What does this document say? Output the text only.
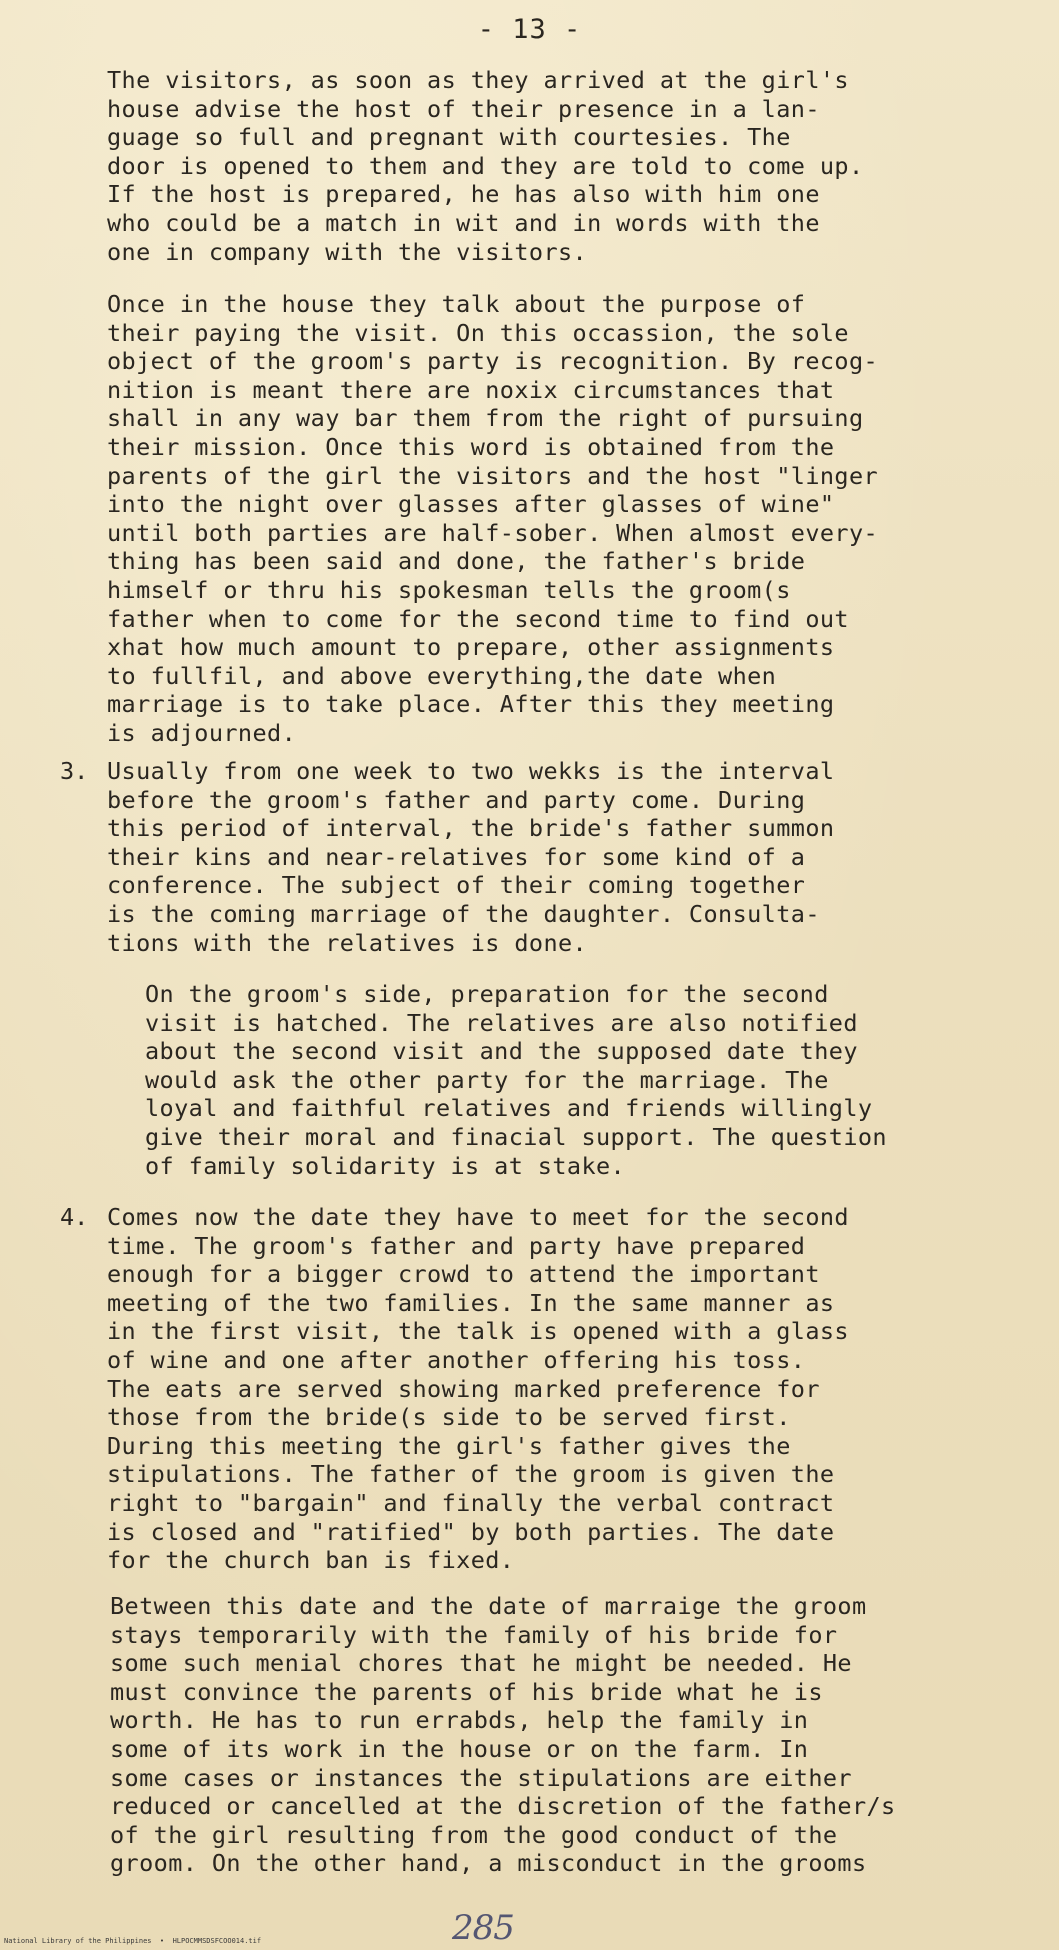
- 13 -
The visitors, as soon as they arrived at the girl's
house advise the host of their presence in a lan-
guage so full and pregnant with courtesies. The
door is opened to them and they are told to come up.
If the host is prepared, he has also with him one
who could be a match in wit and in words with the
one in company with the visitors.
Once in the house they talk about the purpose of
their paying the visit. On this occassion, the sole
object of the groom's party is recognition. By recog-
nition is meant there are noxix circumstances that
shall in any way bar them from the right of pursuing
their mission. Once this word is obtained from the
parents of the girl the visitors and the host "linger
into the night over glasses after glasses of wine"
until both parties are half-sober. When almost every-
thing has been said and done, the father's bride
himself or thru his spokesman tells the groom(s
father when to come for the second time to find out
xhat how much amount to prepare, other assignments
to fullfil, and above everything,the date when
marriage is to take place. After this they meeting
is adjourned.
3. Usually from one week to two wekks is the interval
before the groom's father and party come. During
this period of interval, the bride's father summon
their kins and near-relatives for some kind of a
conference. The subject of their coming together
is the coming marriage of the daughter. Consulta-
tions with the relatives is done.
On the groom's side, preparation for the second
visit is hatched. The relatives are also notified
about the second visit and the supposed date they
would ask the other party for the marriage. The
loyal and faithful relatives and friends willingly
give their moral and finacial support. The question
of family solidarity is at stake.
4. Comes now the date they have to meet for the second
time. The groom's father and party have prepared
enough for a bigger crowd to attend the important
meeting of the two families. In the same manner as
in the first visit, the talk is opened with a glass
of wine and one after another offering his toss.
The eats are served showing marked preference for
those from the bride(s side to be served first.
During this meeting the girl's father gives the
stipulations. The father of the groom is given the
right to "bargain" and finally the verbal contract
is closed and "ratified" by both parties. The date
for the church ban is fixed.
Between this date and the date of marraige the groom
stays temporarily with the family of his bride for
some such menial chores that he might be needed. He
must convince the parents of his bride what he is
worth. He has to run errabds, help the family in
some of its work in the house or on the farm. In
some cases or instances the stipulations are either
reduced or cancelled at the discretion of the father/s
of the girl resulting from the good conduct of the
groom. On the other hand, a misconduct in the grooms
285
National Library of the Philippines  •  HLPOCMMSDSFCOO014.tif
